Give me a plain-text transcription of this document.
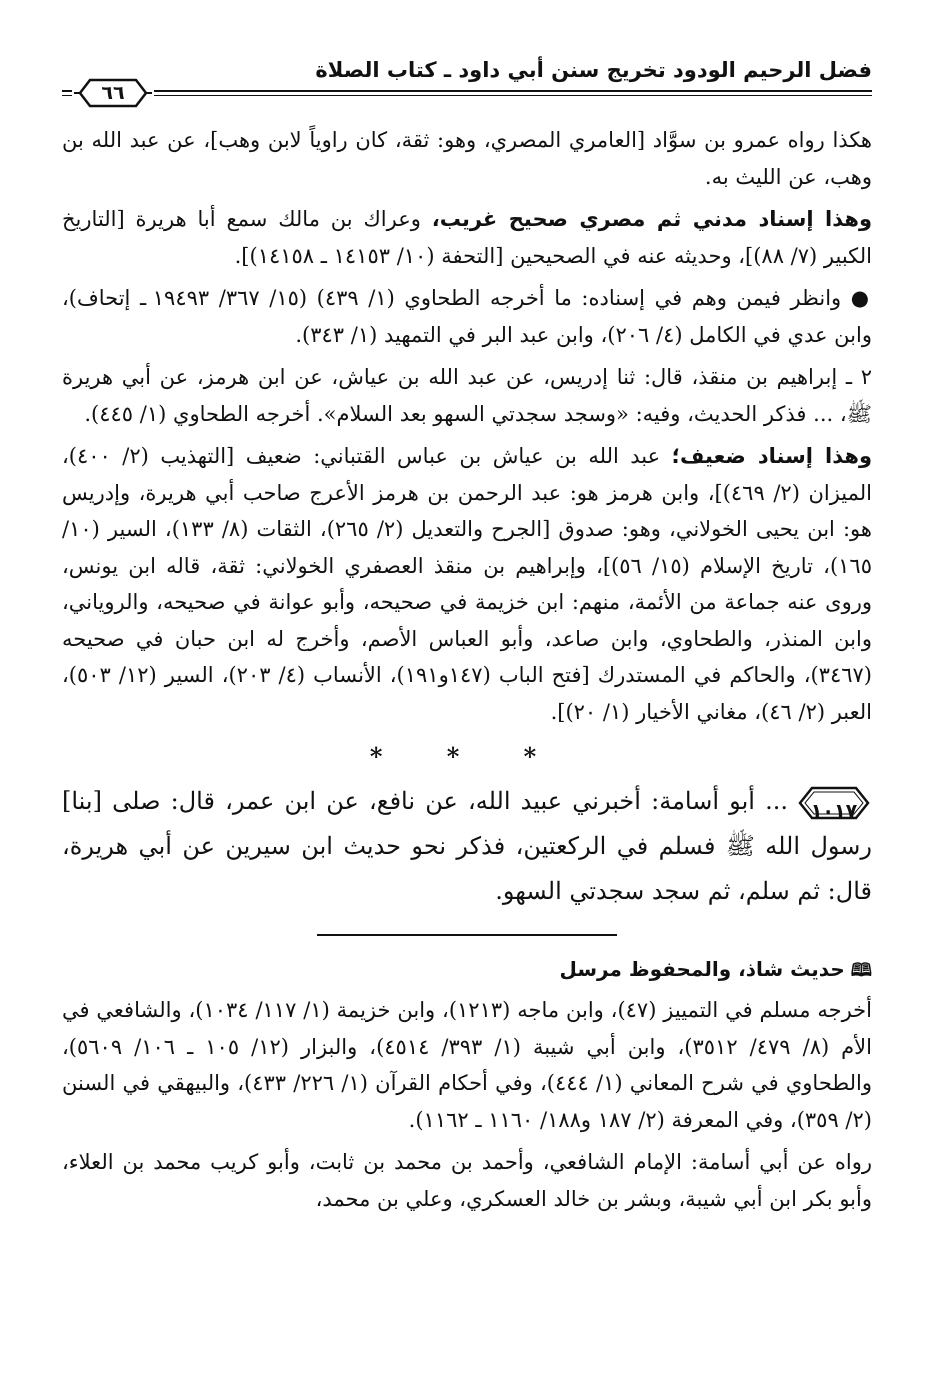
فضل الرحيم الودود تخريج سنن أبي داود ـ كتاب الصلاة
٦٦

هكذا رواه عمرو بن سوَّاد [العامري المصري، وهو: ثقة، كان راوياً لابن وهب]، عن عبد الله بن وهب، عن الليث به.

وهذا إسناد مدني ثم مصري صحيح غريب، وعراك بن مالك سمع أبا هريرة [التاريخ الكبير (٧/ ٨٨)]، وحديثه عنه في الصحيحين [التحفة (١٠/ ١٤١٥٣ ـ ١٤١٥٨)].

● وانظر فيمن وهم في إسناده: ما أخرجه الطحاوي (١/ ٤٣٩) (١٥/ ٣٦٧/ ١٩٤٩٣ ـ إتحاف)، وابن عدي في الكامل (٤/ ٢٠٦)، وابن عبد البر في التمهيد (١/ ٣٤٣).

٢ ـ إبراهيم بن منقذ، قال: ثنا إدريس، عن عبد الله بن عياش، عن ابن هرمز، عن أبي هريرة ﷺ، ... فذكر الحديث، وفيه: «وسجد سجدتي السهو بعد السلام». أخرجه الطحاوي (١/ ٤٤٥).

وهذا إسناد ضعيف؛ عبد الله بن عياش بن عباس القتباني: ضعيف [التهذيب (٢/ ٤٠٠)، الميزان (٢/ ٤٦٩)]، وابن هرمز هو: عبد الرحمن بن هرمز الأعرج صاحب أبي هريرة، وإدريس هو: ابن يحيى الخولاني، وهو: صدوق [الجرح والتعديل (٢/ ٢٦٥)، الثقات (٨/ ١٣٣)، السير (١٠/ ١٦٥)، تاريخ الإسلام (١٥/ ٥٦)]، وإبراهيم بن منقذ العصفري الخولاني: ثقة، قاله ابن يونس، وروى عنه جماعة من الأئمة، منهم: ابن خزيمة في صحيحه، وأبو عوانة في صحيحه، والروياني، وابن المنذر، والطحاوي، وابن صاعد، وأبو العباس الأصم، وأخرج له ابن حبان في صحيحه (٣٤٦٧)، والحاكم في المستدرك [فتح الباب (١٤٧و١٩١)، الأنساب (٤/ ٢٠٣)، السير (١٢/ ٥٠٣)، العبر (٢/ ٤٦)، مغاني الأخيار (١/ ٢٠)].

* * *

١٠١٧
... أبو أسامة: أخبرني عبيد الله، عن نافع، عن ابن عمر، قال: صلى [بنا] رسول الله ﷺ فسلم في الركعتين، فذكر نحو حديث ابن سيرين عن أبي هريرة، قال: ثم سلم، ثم سجد سجدتي السهو.

🕮حديث شاذ، والمحفوظ مرسل

أخرجه مسلم في التمييز (٤٧)، وابن ماجه (١٢١٣)، وابن خزيمة (١/ ١١٧/ ١٠٣٤)، والشافعي في الأم (٨/ ٤٧٩/ ٣٥١٢)، وابن أبي شيبة (١/ ٣٩٣/ ٤٥١٤)، والبزار (١٢/ ١٠٥ ـ ١٠٦/ ٥٦٠٩)، والطحاوي في شرح المعاني (١/ ٤٤٤)، وفي أحكام القرآن (١/ ٢٢٦/ ٤٣٣)، والبيهقي في السنن (٢/ ٣٥٩)، وفي المعرفة (٢/ ١٨٧ و١٨٨/ ١١٦٠ ـ ١١٦٢).

رواه عن أبي أسامة: الإمام الشافعي، وأحمد بن محمد بن ثابت، وأبو كريب محمد بن العلاء، وأبو بكر ابن أبي شيبة، وبشر بن خالد العسكري، وعلي بن محمد،
